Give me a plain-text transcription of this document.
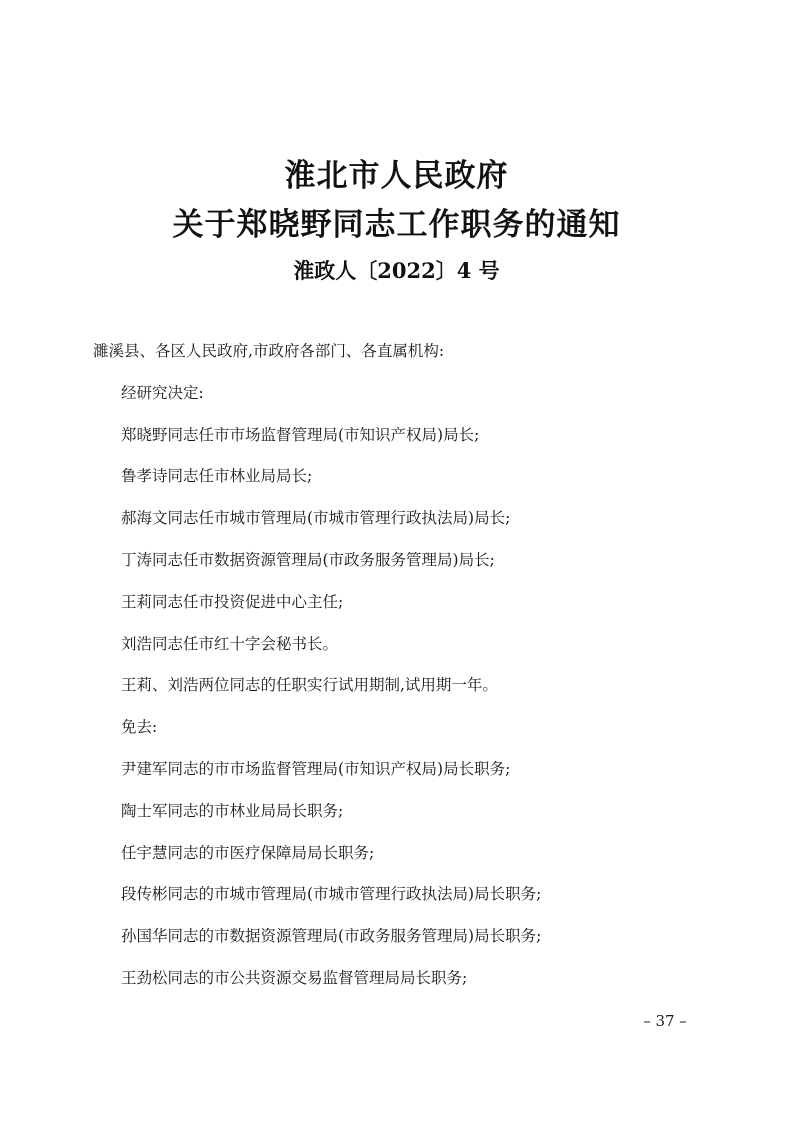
淮北市人民政府
关于郑晓野同志工作职务的通知
淮政人〔2022〕4 号
濉溪县、各区人民政府,市政府各部门、各直属机构:
经研究决定:
郑晓野同志任市市场监督管理局(市知识产权局)局长;
鲁孝诗同志任市林业局局长;
郝海文同志任市城市管理局(市城市管理行政执法局)局长;
丁涛同志任市数据资源管理局(市政务服务管理局)局长;
王莉同志任市投资促进中心主任;
刘浩同志任市红十字会秘书长。
王莉、刘浩两位同志的任职实行试用期制,试用期一年。
免去:
尹建军同志的市市场监督管理局(市知识产权局)局长职务;
陶士军同志的市林业局局长职务;
任宇慧同志的市医疗保障局局长职务;
段传彬同志的市城市管理局(市城市管理行政执法局)局长职务;
孙国华同志的市数据资源管理局(市政务服务管理局)局长职务;
王劲松同志的市公共资源交易监督管理局局长职务;
– 37 –
